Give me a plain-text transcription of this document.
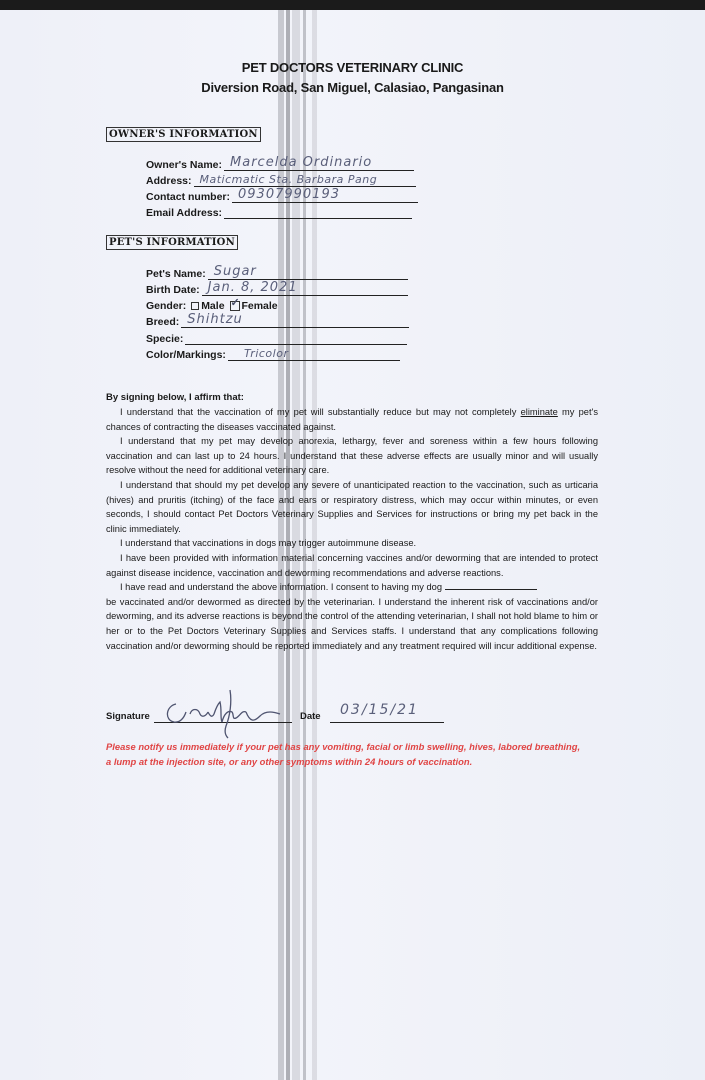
PET DOCTORS VETERINARY CLINIC
Diversion Road, San Miguel, Calasiao, Pangasinan
OWNER'S INFORMATION
Owner's Name: Marcelda Ordinario
Address: Maticmatic Sta. Barbara Pang
Contact number: 09307990193
Email Address:
PET'S INFORMATION
Pet's Name: Sugar
Birth Date: Jan. 8, 2021
Gender: Male ✓ Female
Breed: Shihtzu
Specie:
Color/Markings: Tricolor
By signing below, I affirm that:

I understand that the vaccination of my pet will substantially reduce but may not completely eliminate my pet's chances of contracting the diseases vaccinated against.

I understand that my pet may develop anorexia, lethargy, fever and soreness within a few hours following vaccination and can last up to 24 hours. I understand that these adverse effects are usually minor and will usually resolve without the need for additional veterinary care.

I understand that should my pet develop any severe of unanticipated reaction to the vaccination, such as urticaria (hives) and pruritis (itching) of the face and ears or respiratory distress, which may occur within minutes, or even seconds, I should contact Pet Doctors Veterinary Supplies and Services for instructions or bring my pet back in the clinic immediately.

I understand that vaccinations in dogs may trigger autoimmune disease.

I have been provided with information material concerning vaccines and/or deworming that are intended to protect against disease incidence, vaccination and deworming recommendations and adverse reactions.

I have read and understand the above information. I consent to having my dog

be vaccinated and/or dewormed as directed by the veterinarian. I understand the inherent risk of vaccinations and/or deworming, and its adverse reactions is beyond the control of the attending veterinarian, I shall not hold blame to him or her or to the Pet Doctors Veterinary Supplies and Services staffs. I understand that any complications following vaccination and/or deworming should be reported immediately and any treatment required will incur additional expense.

Signature	Date 03/15/21
Please notify us immediately if your pet has any vomiting, facial or limb swelling, hives, labored breathing, a lump at the injection site, or any other symptoms within 24 hours of vaccination.
